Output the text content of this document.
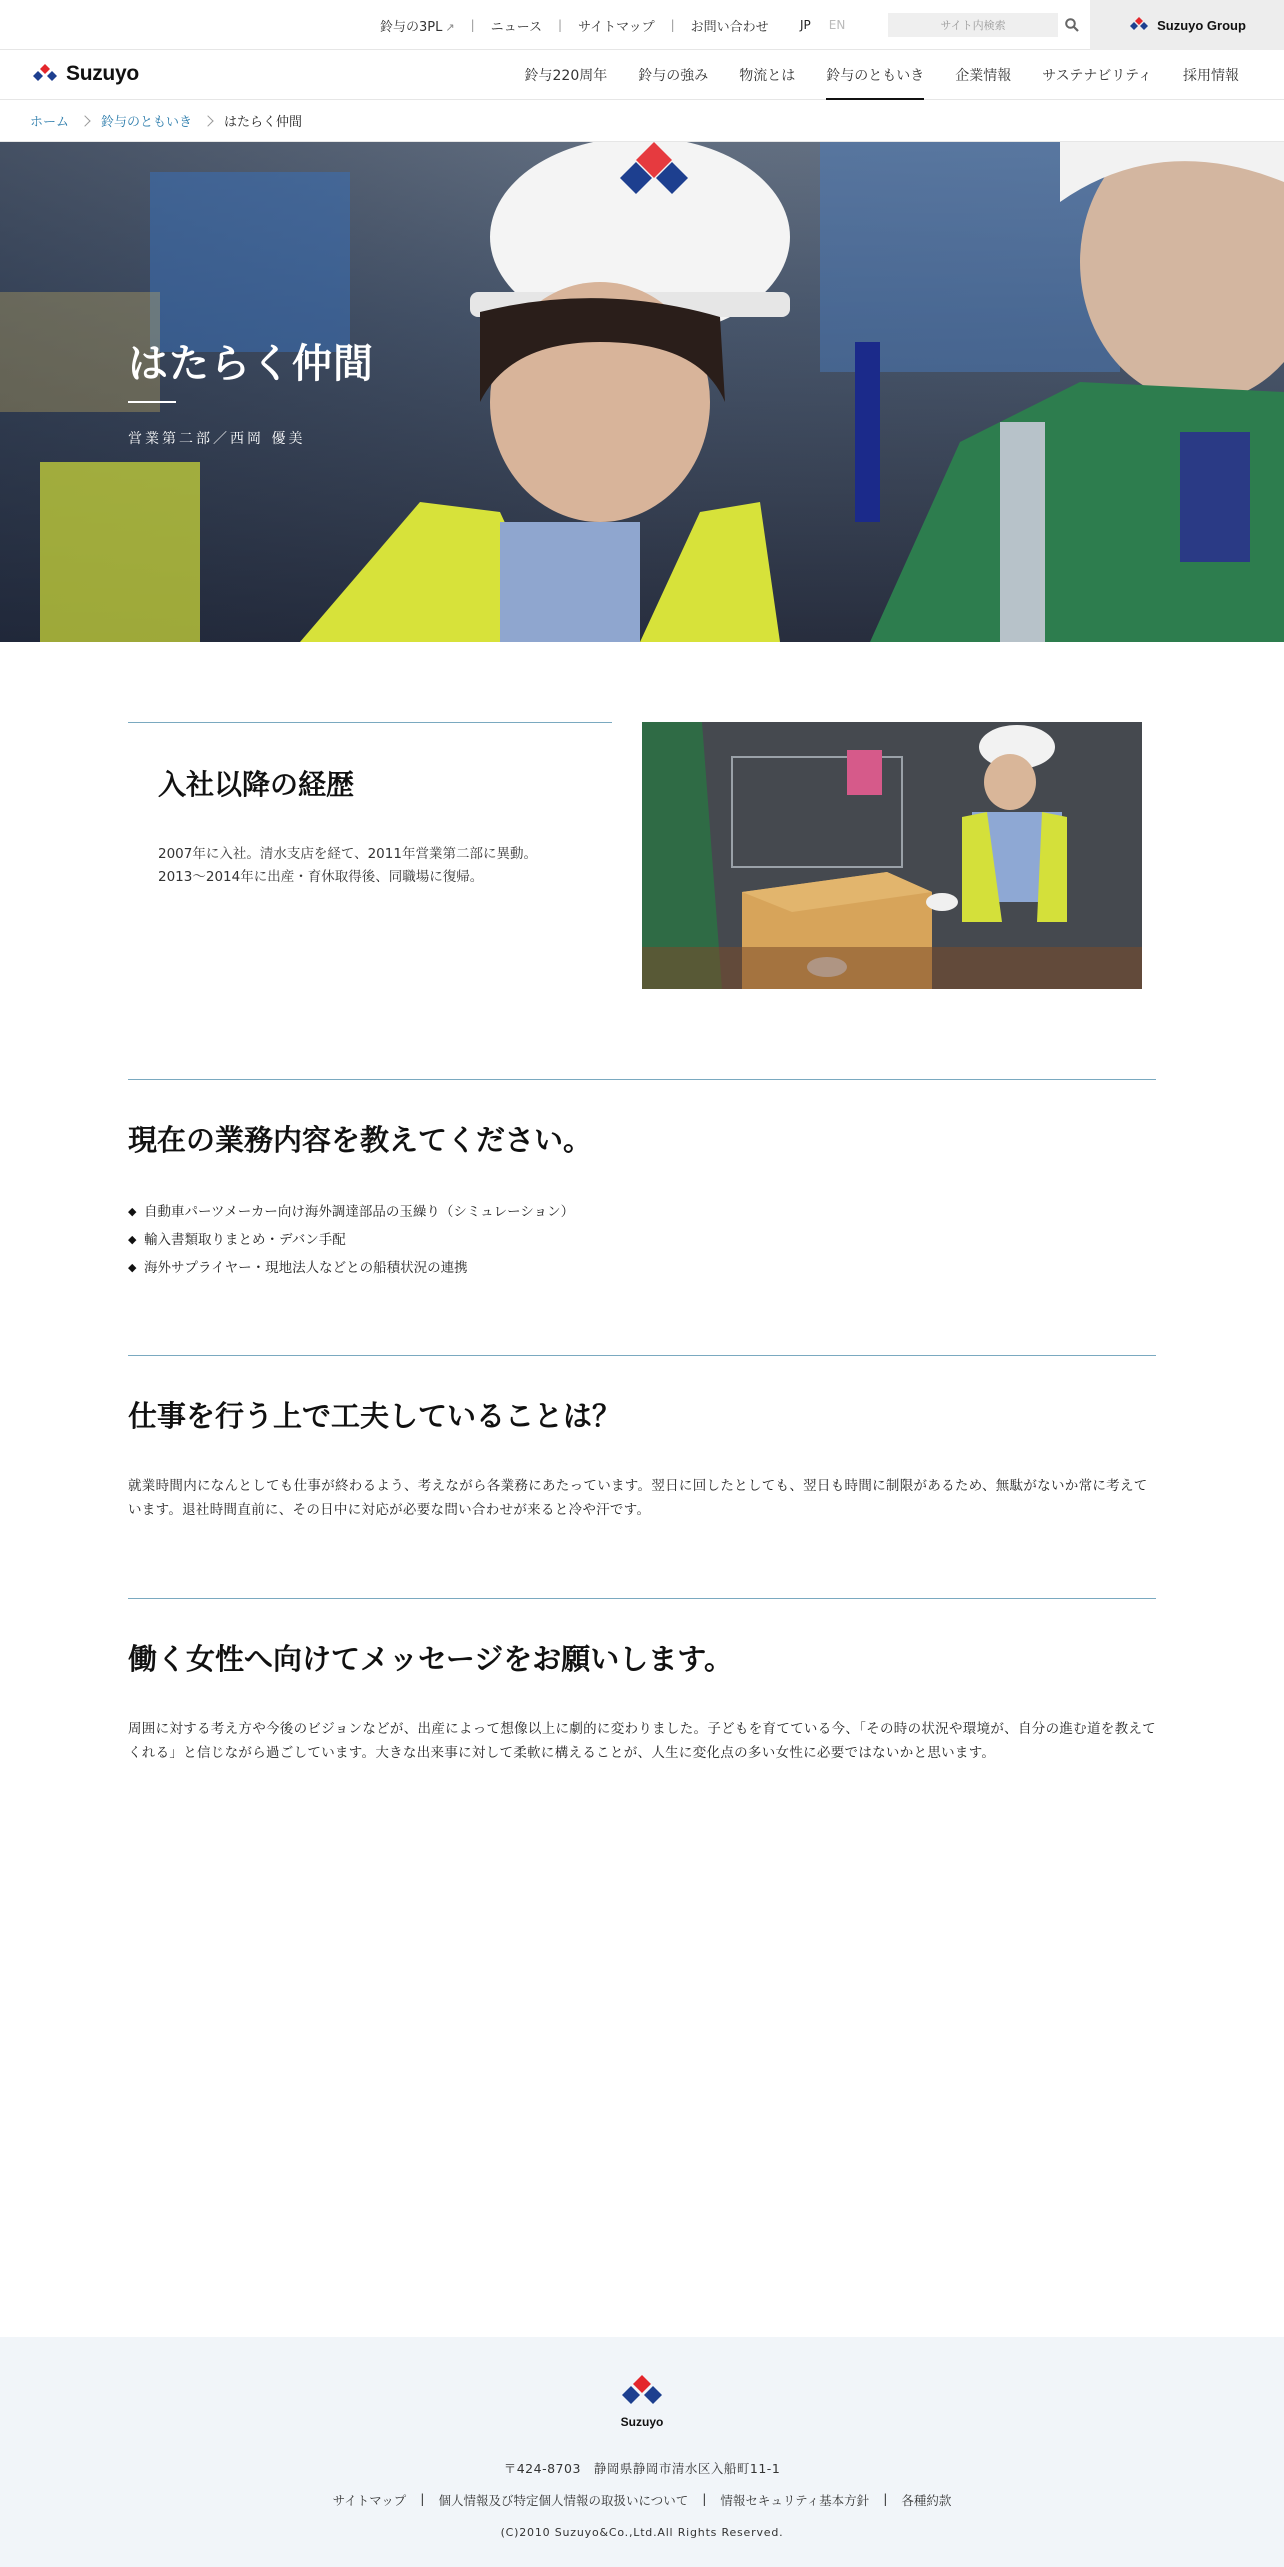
鈴与の3PL ↗ | ニュース | サイトマップ | お問い合わせ	JP EN	サイト内検索	Suzuyo Group
Suzuyo	鈴与220周年 鈴与の強み 物流とは 鈴与のともいき 企業情報 サステナビリティ 採用情報
ホーム 鈴与のともいき はたらく仲間
はたらく仲間
営業第二部／西岡 優美
入社以降の経歴

2007年に入社。清水支店を経て、2011年営業第二部に異動。
2013〜2014年に出産・育休取得後、同職場に復帰。

現在の業務内容を教えてください。
◆ 自動車パーツメーカー向け海外調達部品の玉繰り（シミュレーション）
◆ 輸入書類取りまとめ・デバン手配
◆ 海外サプライヤー・現地法人などとの船積状況の連携
仕事を行う上で工夫していることは？

就業時間内になんとしても仕事が終わるよう、考えながら各業務にあたっています。翌日に回したとしても、翌日も時間に制限があるため、無駄がないか常に考えています。退社時間直前に、その日中に対応が必要な問い合わせが来ると冷や汗です。

働く女性へ向けてメッセージをお願いします。

周囲に対する考え方や今後のビジョンなどが、出産によって想像以上に劇的に変わりました。子どもを育てている今、「その時の状況や環境が、自分の進む道を教えてくれる」と信じながら過ごしています。大きな出来事に対して柔軟に構えることが、人生に変化点の多い女性に必要ではないかと思います。

Suzuyo
〒424-8703　静岡県静岡市清水区入船町11-1
サイトマップ | 個人情報及び特定個人情報の取扱いについて | 情報セキュリティ基本方針 | 各種約款
(C)2010 Suzuyo&Co.,Ltd.All Rights Reserved.
